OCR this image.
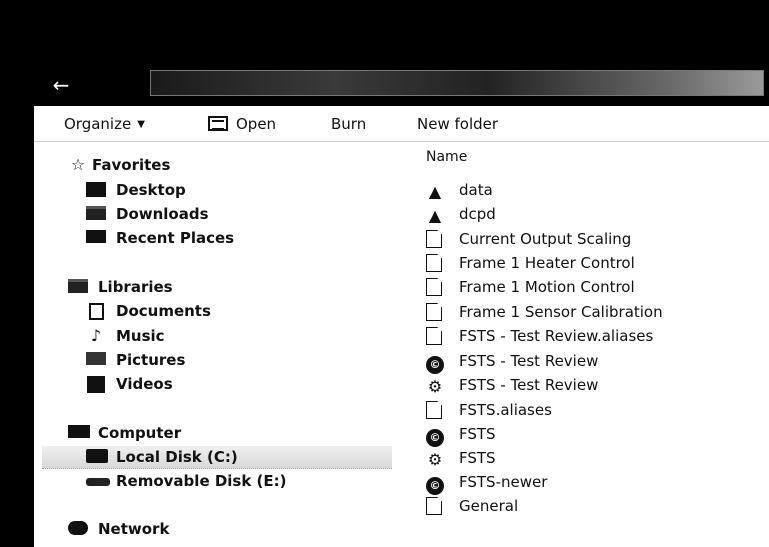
←
Organize ▼	Open	Burn	New folder
☆ Favorites
Desktop
Downloads
Recent Places
Libraries
Documents
♪ Music
Pictures
Videos
Computer
Local Disk (C:)
Removable Disk (E:)
Network
Name
▲	data
▲	dcpd
Current Output Scaling
Frame 1 Heater Control
Frame 1 Motion Control
Frame 1 Sensor Calibration
FSTS - Test Review.aliases
©	FSTS - Test Review
⚙ FSTS - Test Review
FSTS.aliases
©	FSTS
⚙ FSTS
©	FSTS-newer
General
